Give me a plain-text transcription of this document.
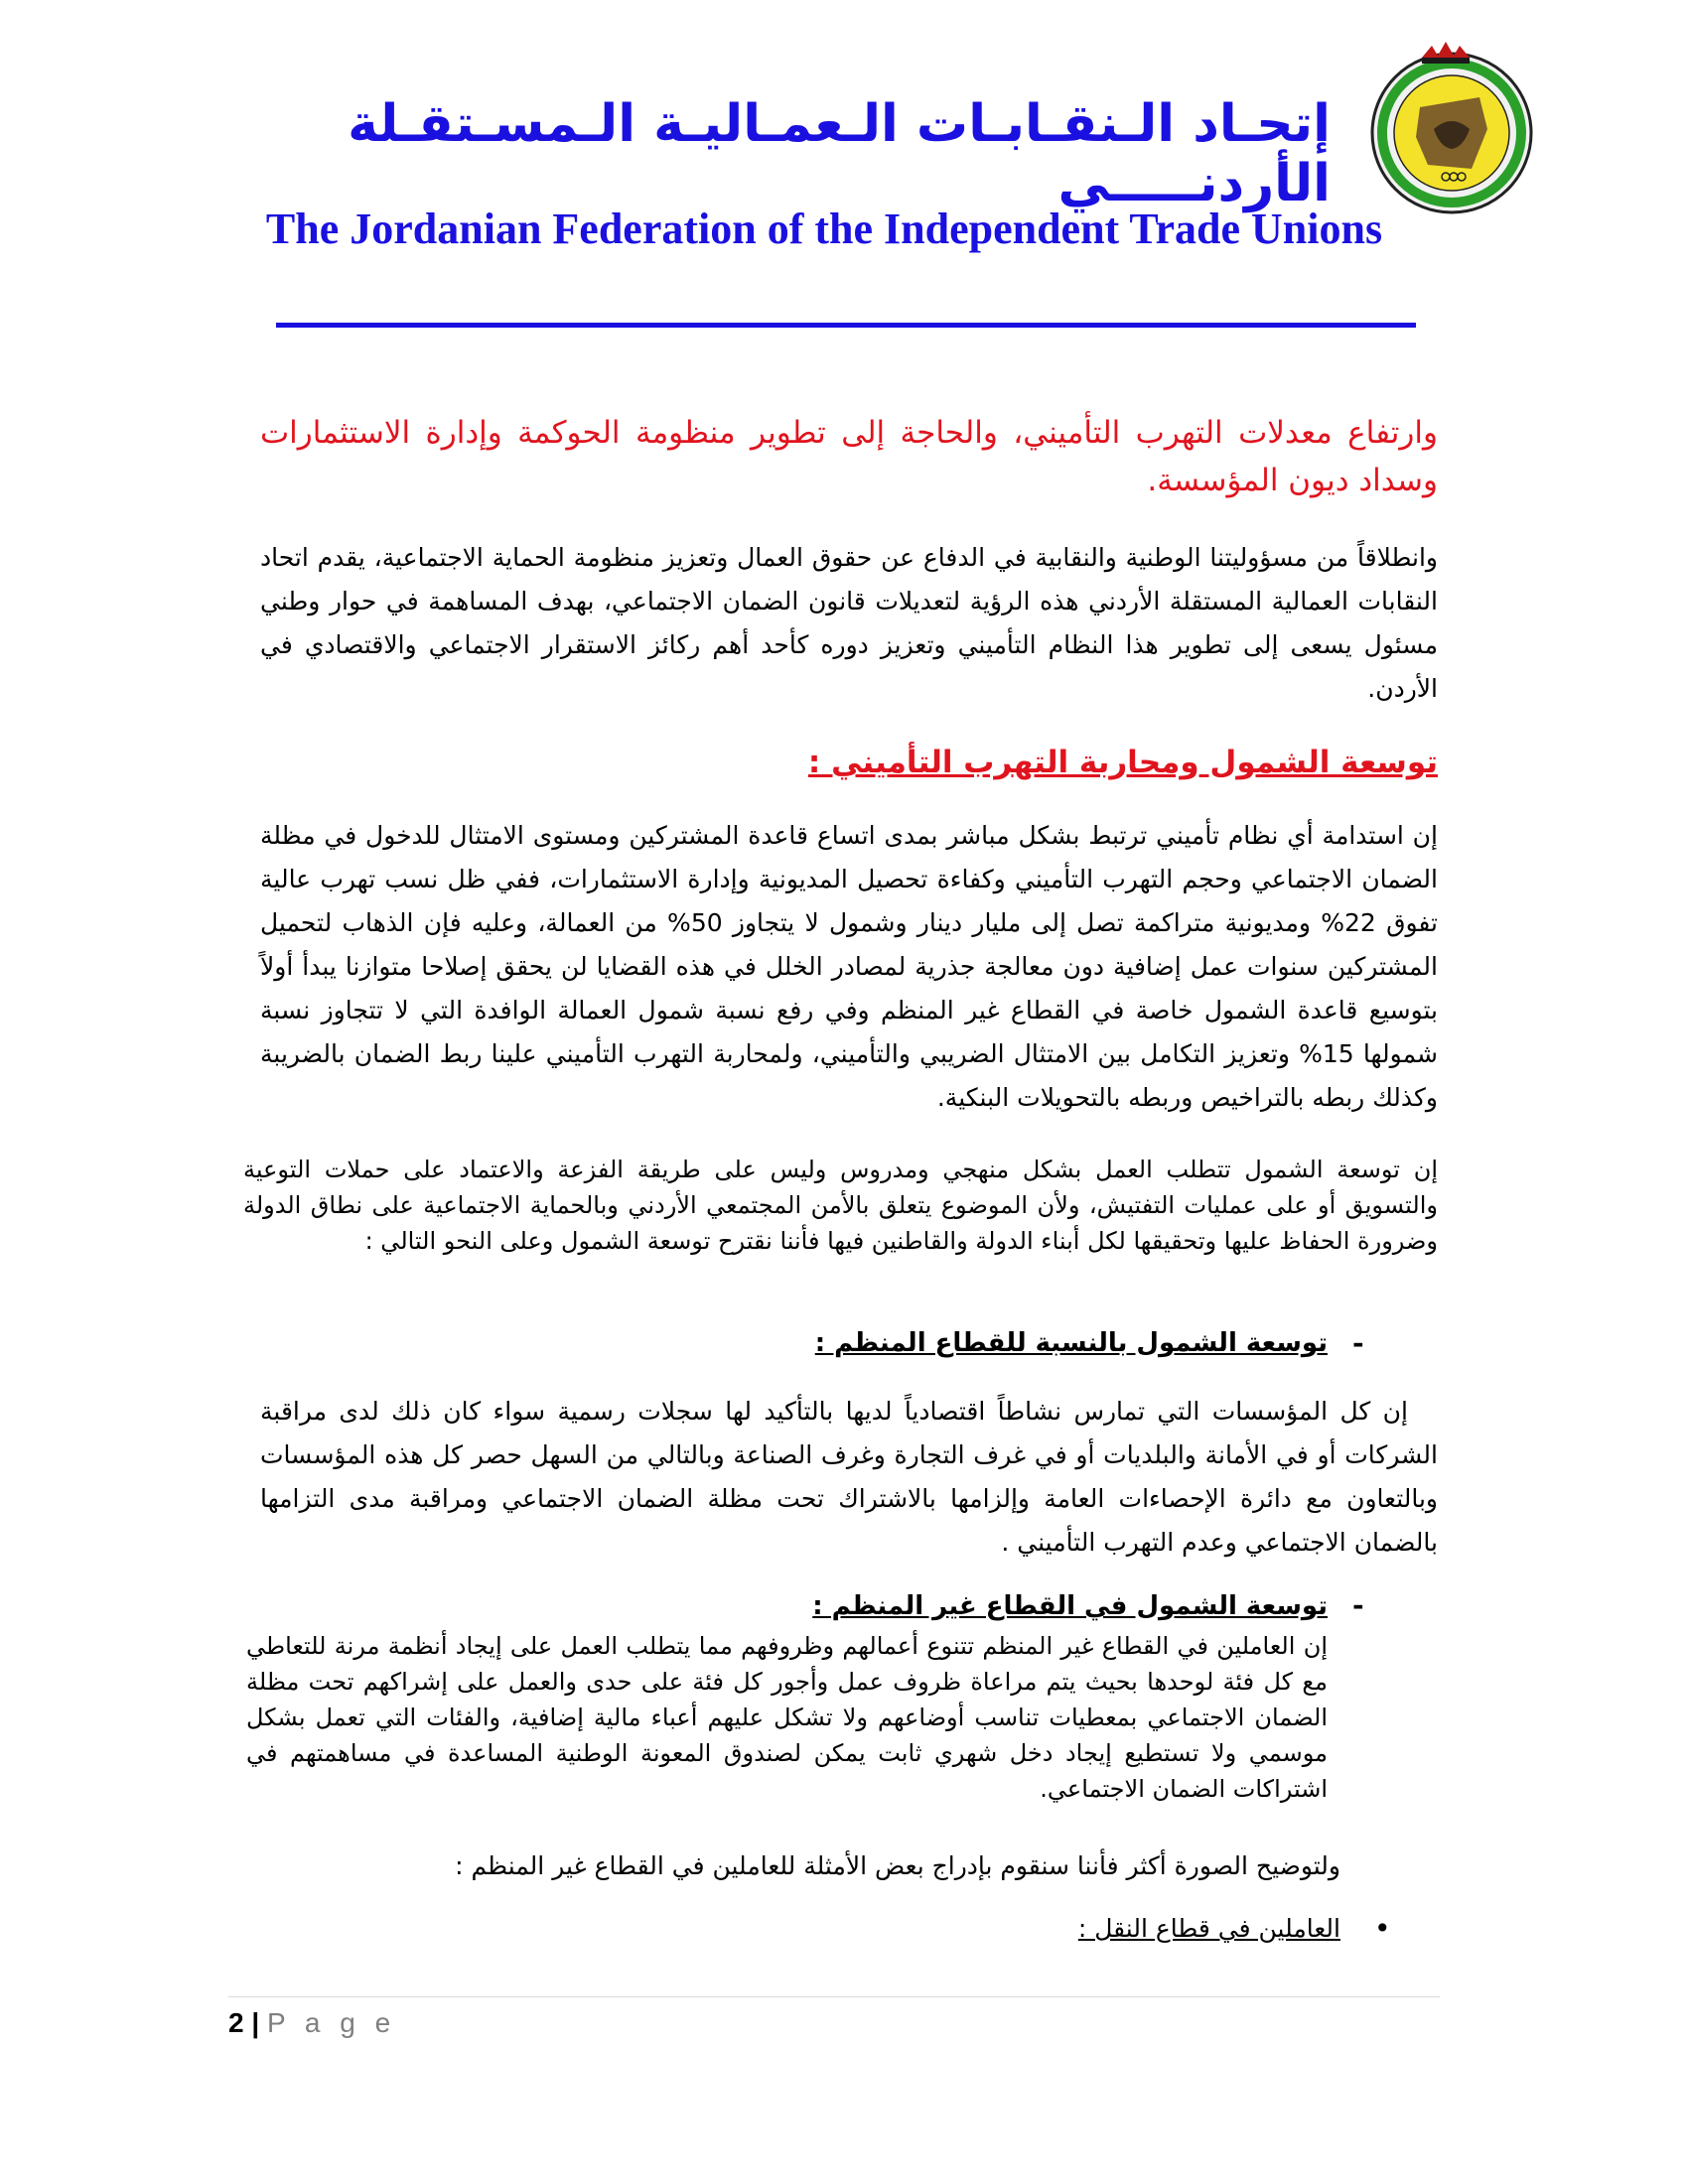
إتحـاد الـنقـابـات الـعمـاليـة الـمسـتقـلة الأردنـــــي
The Jordanian Federation of the Independent Trade Unions
وارتفاع معدلات التهرب التأميني، والحاجة إلى تطوير منظومة الحوكمة وإدارة الاستثمارات وسداد ديون المؤسسة.
وانطلاقاً من مسؤوليتنا الوطنية والنقابية في الدفاع عن حقوق العمال وتعزيز منظومة الحماية الاجتماعية، يقدم اتحاد النقابات العمالية المستقلة الأردني هذه الرؤية لتعديلات قانون الضمان الاجتماعي، بهدف المساهمة في حوار وطني مسئول يسعى إلى تطوير هذا النظام التأميني وتعزيز دوره كأحد أهم ركائز الاستقرار الاجتماعي والاقتصادي في الأردن.
توسعة الشمول ومحاربة التهرب التأميني :
إن استدامة أي نظام تأميني ترتبط بشكل مباشر بمدى اتساع قاعدة المشتركين ومستوى الامتثال للدخول في مظلة الضمان الاجتماعي وحجم التهرب التأميني وكفاءة تحصيل المديونية وإدارة الاستثمارات، ففي ظل نسب تهرب عالية تفوق 22% ومديونية متراكمة تصل إلى مليار دينار وشمول لا يتجاوز 50% من العمالة، وعليه فإن الذهاب لتحميل المشتركين سنوات عمل إضافية دون معالجة جذرية لمصادر الخلل في هذه القضايا لن يحقق إصلاحا متوازنا يبدأ أولاً بتوسيع قاعدة الشمول خاصة في القطاع غير المنظم وفي رفع نسبة شمول العمالة الوافدة التي لا تتجاوز نسبة شمولها 15% وتعزيز التكامل بين الامتثال الضريبي والتأميني، ولمحاربة التهرب التأميني علينا ربط الضمان بالضريبة وكذلك ربطه بالتراخيص وربطه بالتحويلات البنكية.
إن توسعة الشمول تتطلب العمل بشكل منهجي ومدروس وليس على طريقة الفزعة والاعتماد على حملات التوعية والتسويق أو على عمليات التفتيش، ولأن الموضوع يتعلق بالأمن المجتمعي الأردني وبالحماية الاجتماعية على نطاق الدولة وضرورة الحفاظ عليها وتحقيقها لكل أبناء الدولة والقاطنين فيها فأننا نقترح توسعة الشمول وعلى النحو التالي :
-
توسعة الشمول بالنسبة للقطاع المنظم :
إن كل المؤسسات التي تمارس نشاطاً اقتصادياً لديها بالتأكيد لها سجلات رسمية سواء كان ذلك لدى مراقبة الشركات أو في الأمانة والبلديات أو في غرف التجارة وغرف الصناعة وبالتالي من السهل حصر كل هذه المؤسسات وبالتعاون مع دائرة الإحصاءات العامة وإلزامها بالاشتراك تحت مظلة الضمان الاجتماعي ومراقبة مدى التزامها بالضمان الاجتماعي وعدم التهرب التأميني .
-
توسعة الشمول في القطاع غير المنظم :
إن العاملين في القطاع غير المنظم تتنوع أعمالهم وظروفهم مما يتطلب العمل على إيجاد أنظمة مرنة للتعاطي مع كل فئة لوحدها بحيث يتم مراعاة ظروف عمل وأجور كل فئة على حدى والعمل على إشراكهم تحت مظلة الضمان الاجتماعي بمعطيات تناسب أوضاعهم ولا تشكل عليهم أعباء مالية إضافية، والفئات التي تعمل بشكل موسمي ولا تستطيع إيجاد دخل شهري ثابت يمكن لصندوق المعونة الوطنية المساعدة في مساهمتهم في اشتراكات الضمان الاجتماعي.
ولتوضيح الصورة أكثر فأننا سنقوم بإدراج بعض الأمثلة للعاملين في القطاع غير المنظم :
•
العاملين في قطاع النقل :
2 | P a g e
